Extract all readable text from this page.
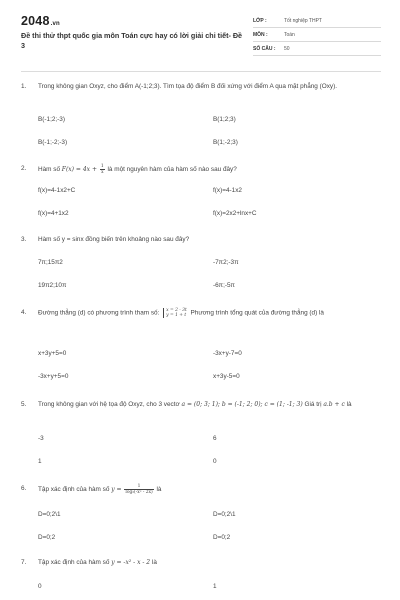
2048.vn
Đề thi thử thpt quốc gia môn Toán cực hay có lời giải chi tiết- Đề 3
LỚP :	Tốt nghiệp THPT
MÔN :	Toán
SỐ CÂU :	50
1.	Trong không gian Oxyz, cho điểm A(-1;2;3). Tìm tọa độ điểm B đối xứng với điểm A qua mặt phẳng (Oxy).
B(-1;2;-3)	B(1;2;3)
B(-1;-2;-3)	B(1;-2;3)
2.	Hàm số $F(x) = 4x + \frac{1}{x}$ là một nguyên hàm của hàm số nào sau đây?
f(x)=4-1x2+C	f(x)=4-1x2
f(x)=4+1x2	f(x)=2x2+lnx+C
3.	Hàm số y = sinx đồng biến trên khoảng nào sau đây?
7π;15π2	-7π2;-3π
19π2;10π	-6π;-5π
4.	Đường thẳng (d) có phương trình tham số: x = 2 - 3t
y = 1 + t Phương trình tổng quát của đường thẳng (d) là
x+3y+5=0	-3x+y-7=0
-3x+y+5=0	x+3y-5=0
5.	Trong không gian với hệ tọa độ Oxyz, cho 3 vectơ a = (0; 3; 1); b = (-1; 2; 0); c = (1; -1; 3) Giá trị a.b + c là
-3	6
1	0
6.	Tập xác định của hàm số $y = \frac{1}{\text{log₂(-x² - 2x)}}$ là
D=0;2\1	D=0;2\1
D=0;2	D=0;2
7.	Tập xác định của hàm số y = -x² - x - 2 là
0	1
